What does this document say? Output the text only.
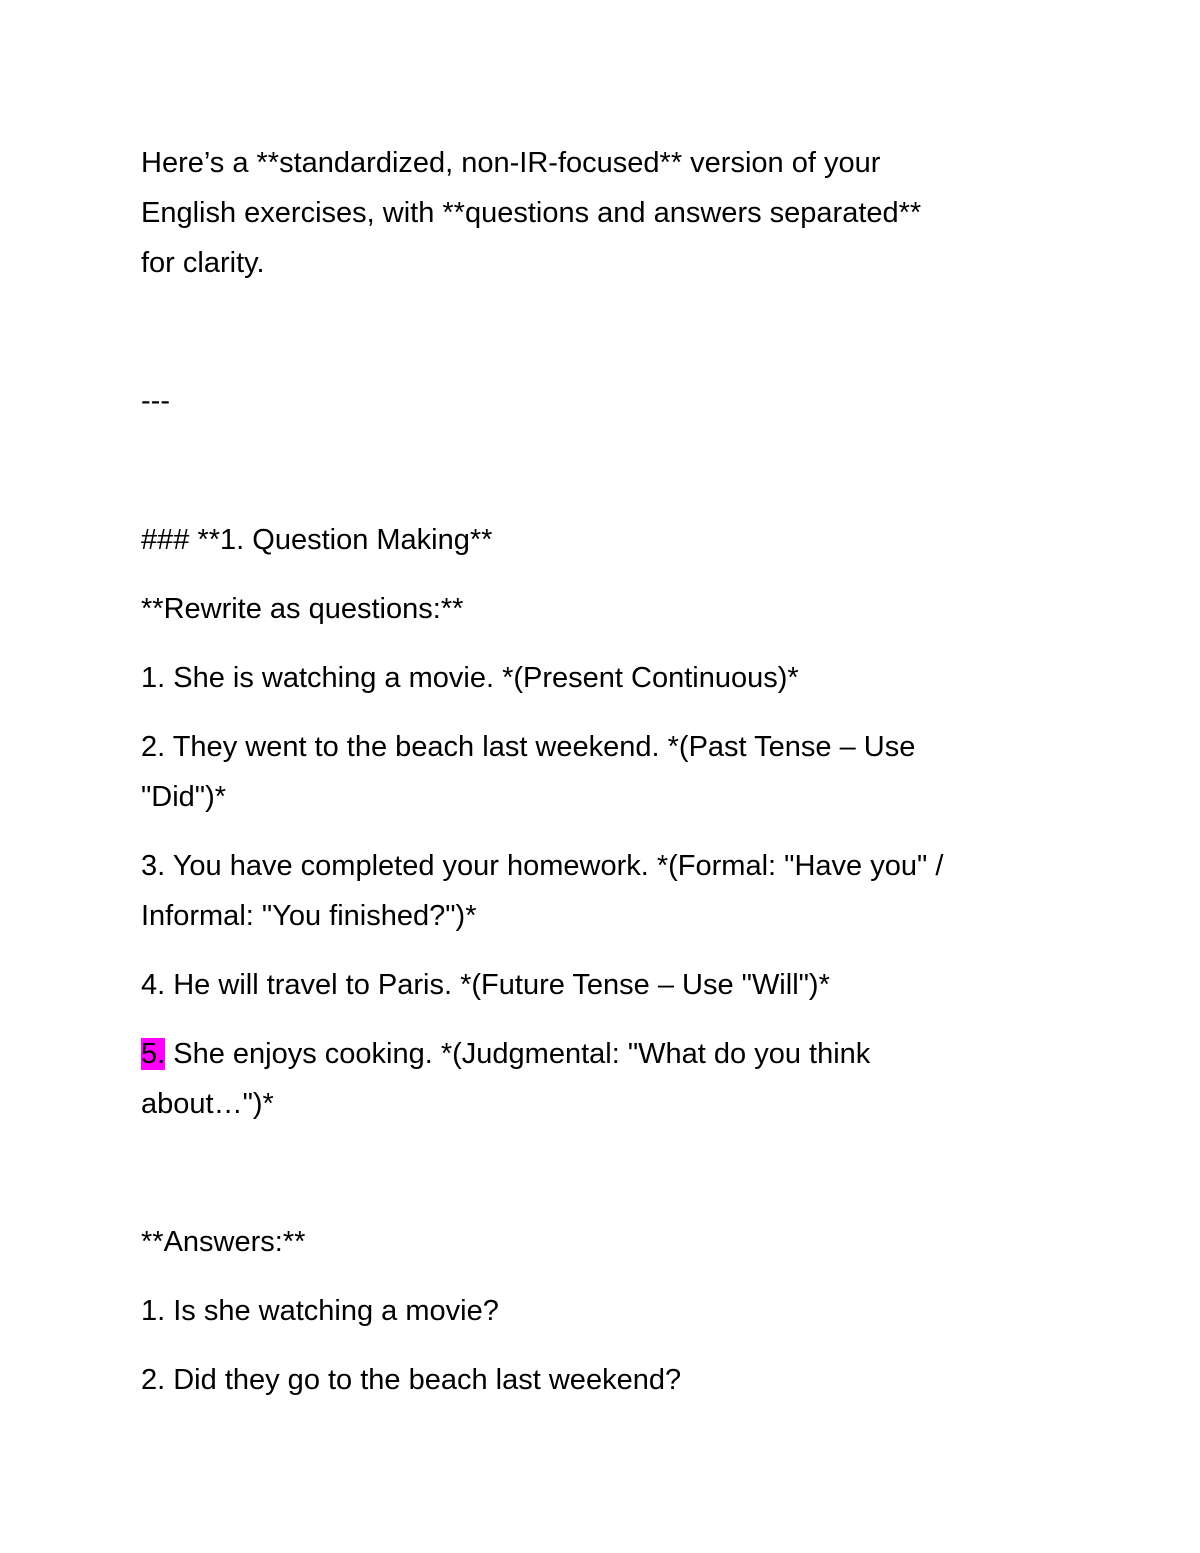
Here’s a **standardized, non-IR-focused** version of your
English exercises, with **questions and answers separated**
for clarity.
---
### **1. Question Making**
**Rewrite as questions:**
1. She is watching a movie. *(Present Continuous)*
2. They went to the beach last weekend. *(Past Tense – Use
"Did")*
3. You have completed your homework. *(Formal: "Have you" /
Informal: "You finished?")*
4. He will travel to Paris. *(Future Tense – Use "Will")*
5. She enjoys cooking. *(Judgmental: "What do you think
about…")*
**Answers:**
1. Is she watching a movie?
2. Did they go to the beach last weekend?
